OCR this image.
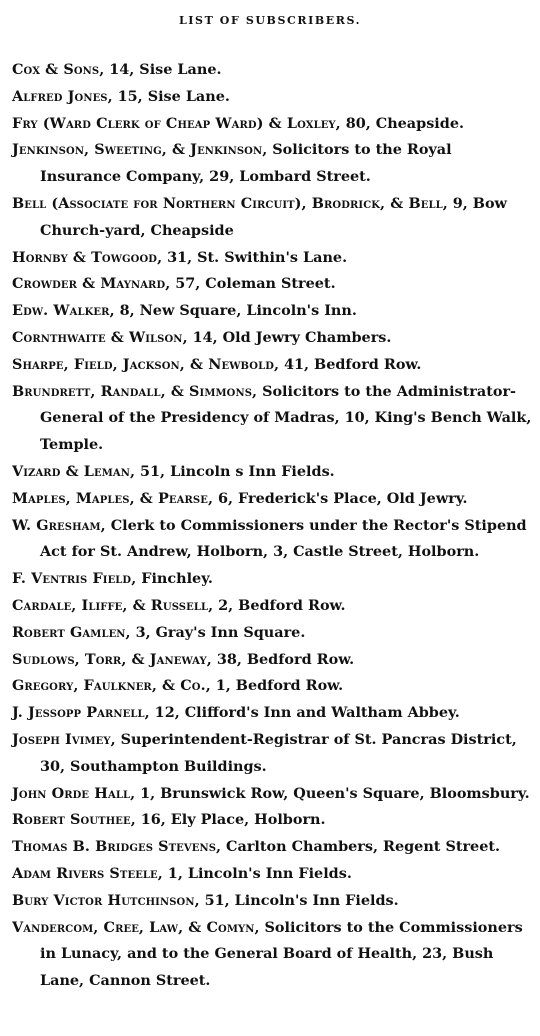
LIST OF SUBSCRIBERS.
Cox & Sons, 14, Sise Lane.
Alfred Jones, 15, Sise Lane.
Fry (Ward Clerk of Cheap Ward) & Loxley, 80, Cheapside.
Jenkinson, Sweeting, & Jenkinson, Solicitors to the Royal Insurance Company, 29, Lombard Street.
Bell (Associate for Northern Circuit), Brodrick, & Bell, 9, Bow Church-yard, Cheapside
Hornby & Towgood, 31, St. Swithin's Lane.
Crowder & Maynard, 57, Coleman Street.
Edw. Walker, 8, New Square, Lincoln's Inn.
Cornthwaite & Wilson, 14, Old Jewry Chambers.
Sharpe, Field, Jackson, & Newbold, 41, Bedford Row.
Brundrett, Randall, & Simmons, Solicitors to the Administrator-General of the Presidency of Madras, 10, King's Bench Walk, Temple.
Vizard & Leman, 51, Lincoln s Inn Fields.
Maples, Maples, & Pearse, 6, Frederick's Place, Old Jewry.
W. Gresham, Clerk to Commissioners under the Rector's Stipend Act for St. Andrew, Holborn, 3, Castle Street, Holborn.
F. Ventris Field, Finchley.
Cardale, Iliffe, & Russell, 2, Bedford Row.
Robert Gamlen, 3, Gray's Inn Square.
Sudlows, Torr, & Janeway, 38, Bedford Row.
Gregory, Faulkner, & Co., 1, Bedford Row.
J. Jessopp Parnell, 12, Clifford's Inn and Waltham Abbey.
Joseph Ivimey, Superintendent-Registrar of St. Pancras District, 30, Southampton Buildings.
John Orde Hall, 1, Brunswick Row, Queen's Square, Bloomsbury.
Robert Southee, 16, Ely Place, Holborn.
Thomas B. Bridges Stevens, Carlton Chambers, Regent Street.
Adam Rivers Steele, 1, Lincoln's Inn Fields.
Bury Victor Hutchinson, 51, Lincoln's Inn Fields.
Vandercom, Cree, Law, & Comyn, Solicitors to the Commissioners in Lunacy, and to the General Board of Health, 23, Bush Lane, Cannon Street.
